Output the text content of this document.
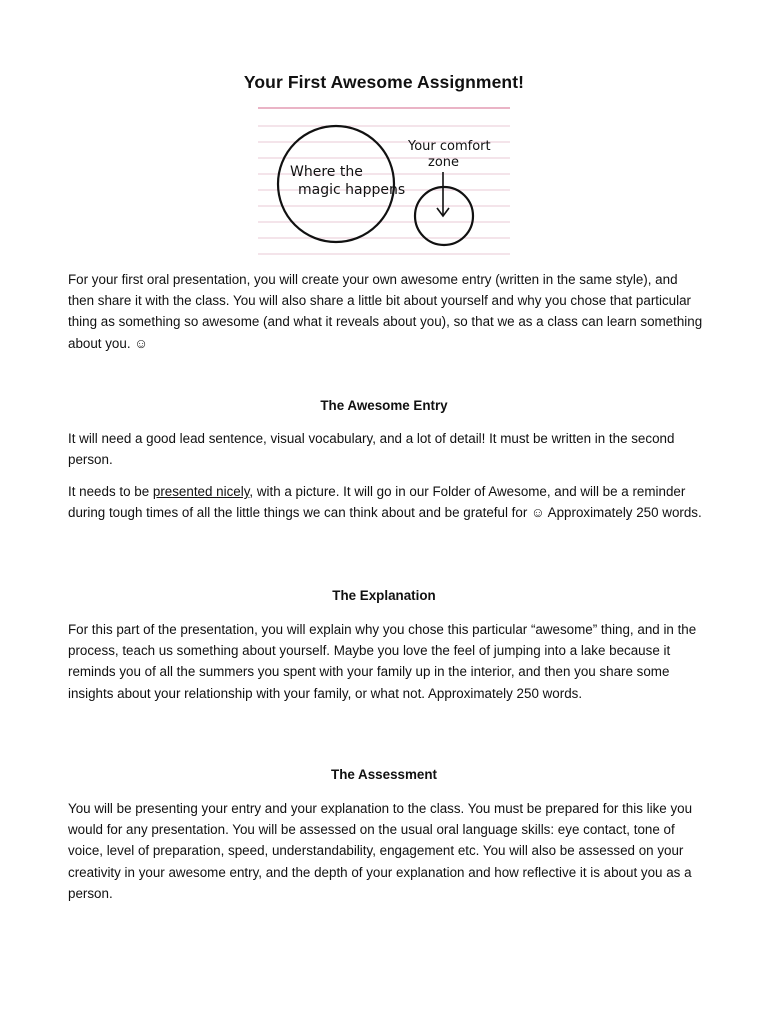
Your First Awesome Assignment!
Where the
magic happens
Your comfort
zone

For your first oral presentation, you will create your own awesome entry (written in the same style), and then share it with the class. You will also share a little bit about yourself and why you chose that particular thing as something so awesome (and what it reveals about you), so that we as a class can learn something about you. ☺

The Awesome Entry

It will need a good lead sentence, visual vocabulary, and a lot of detail! It must be written in the second person.

It needs to be presented nicely, with a picture. It will go in our Folder of Awesome, and will be a reminder during tough times of all the little things we can think about and be grateful for ☺ Approximately 250 words.

The Explanation

For this part of the presentation, you will explain why you chose this particular “awesome” thing, and in the process, teach us something about yourself. Maybe you love the feel of jumping into a lake because it reminds you of all the summers you spent with your family up in the interior, and then you share some insights about your relationship with your family, or what not. Approximately 250 words.

The Assessment

You will be presenting your entry and your explanation to the class. You must be prepared for this like you would for any presentation. You will be assessed on the usual oral language skills: eye contact, tone of voice, level of preparation, speed, understandability, engagement etc. You will also be assessed on your creativity in your awesome entry, and the depth of your explanation and how reflective it is about you as a person.
